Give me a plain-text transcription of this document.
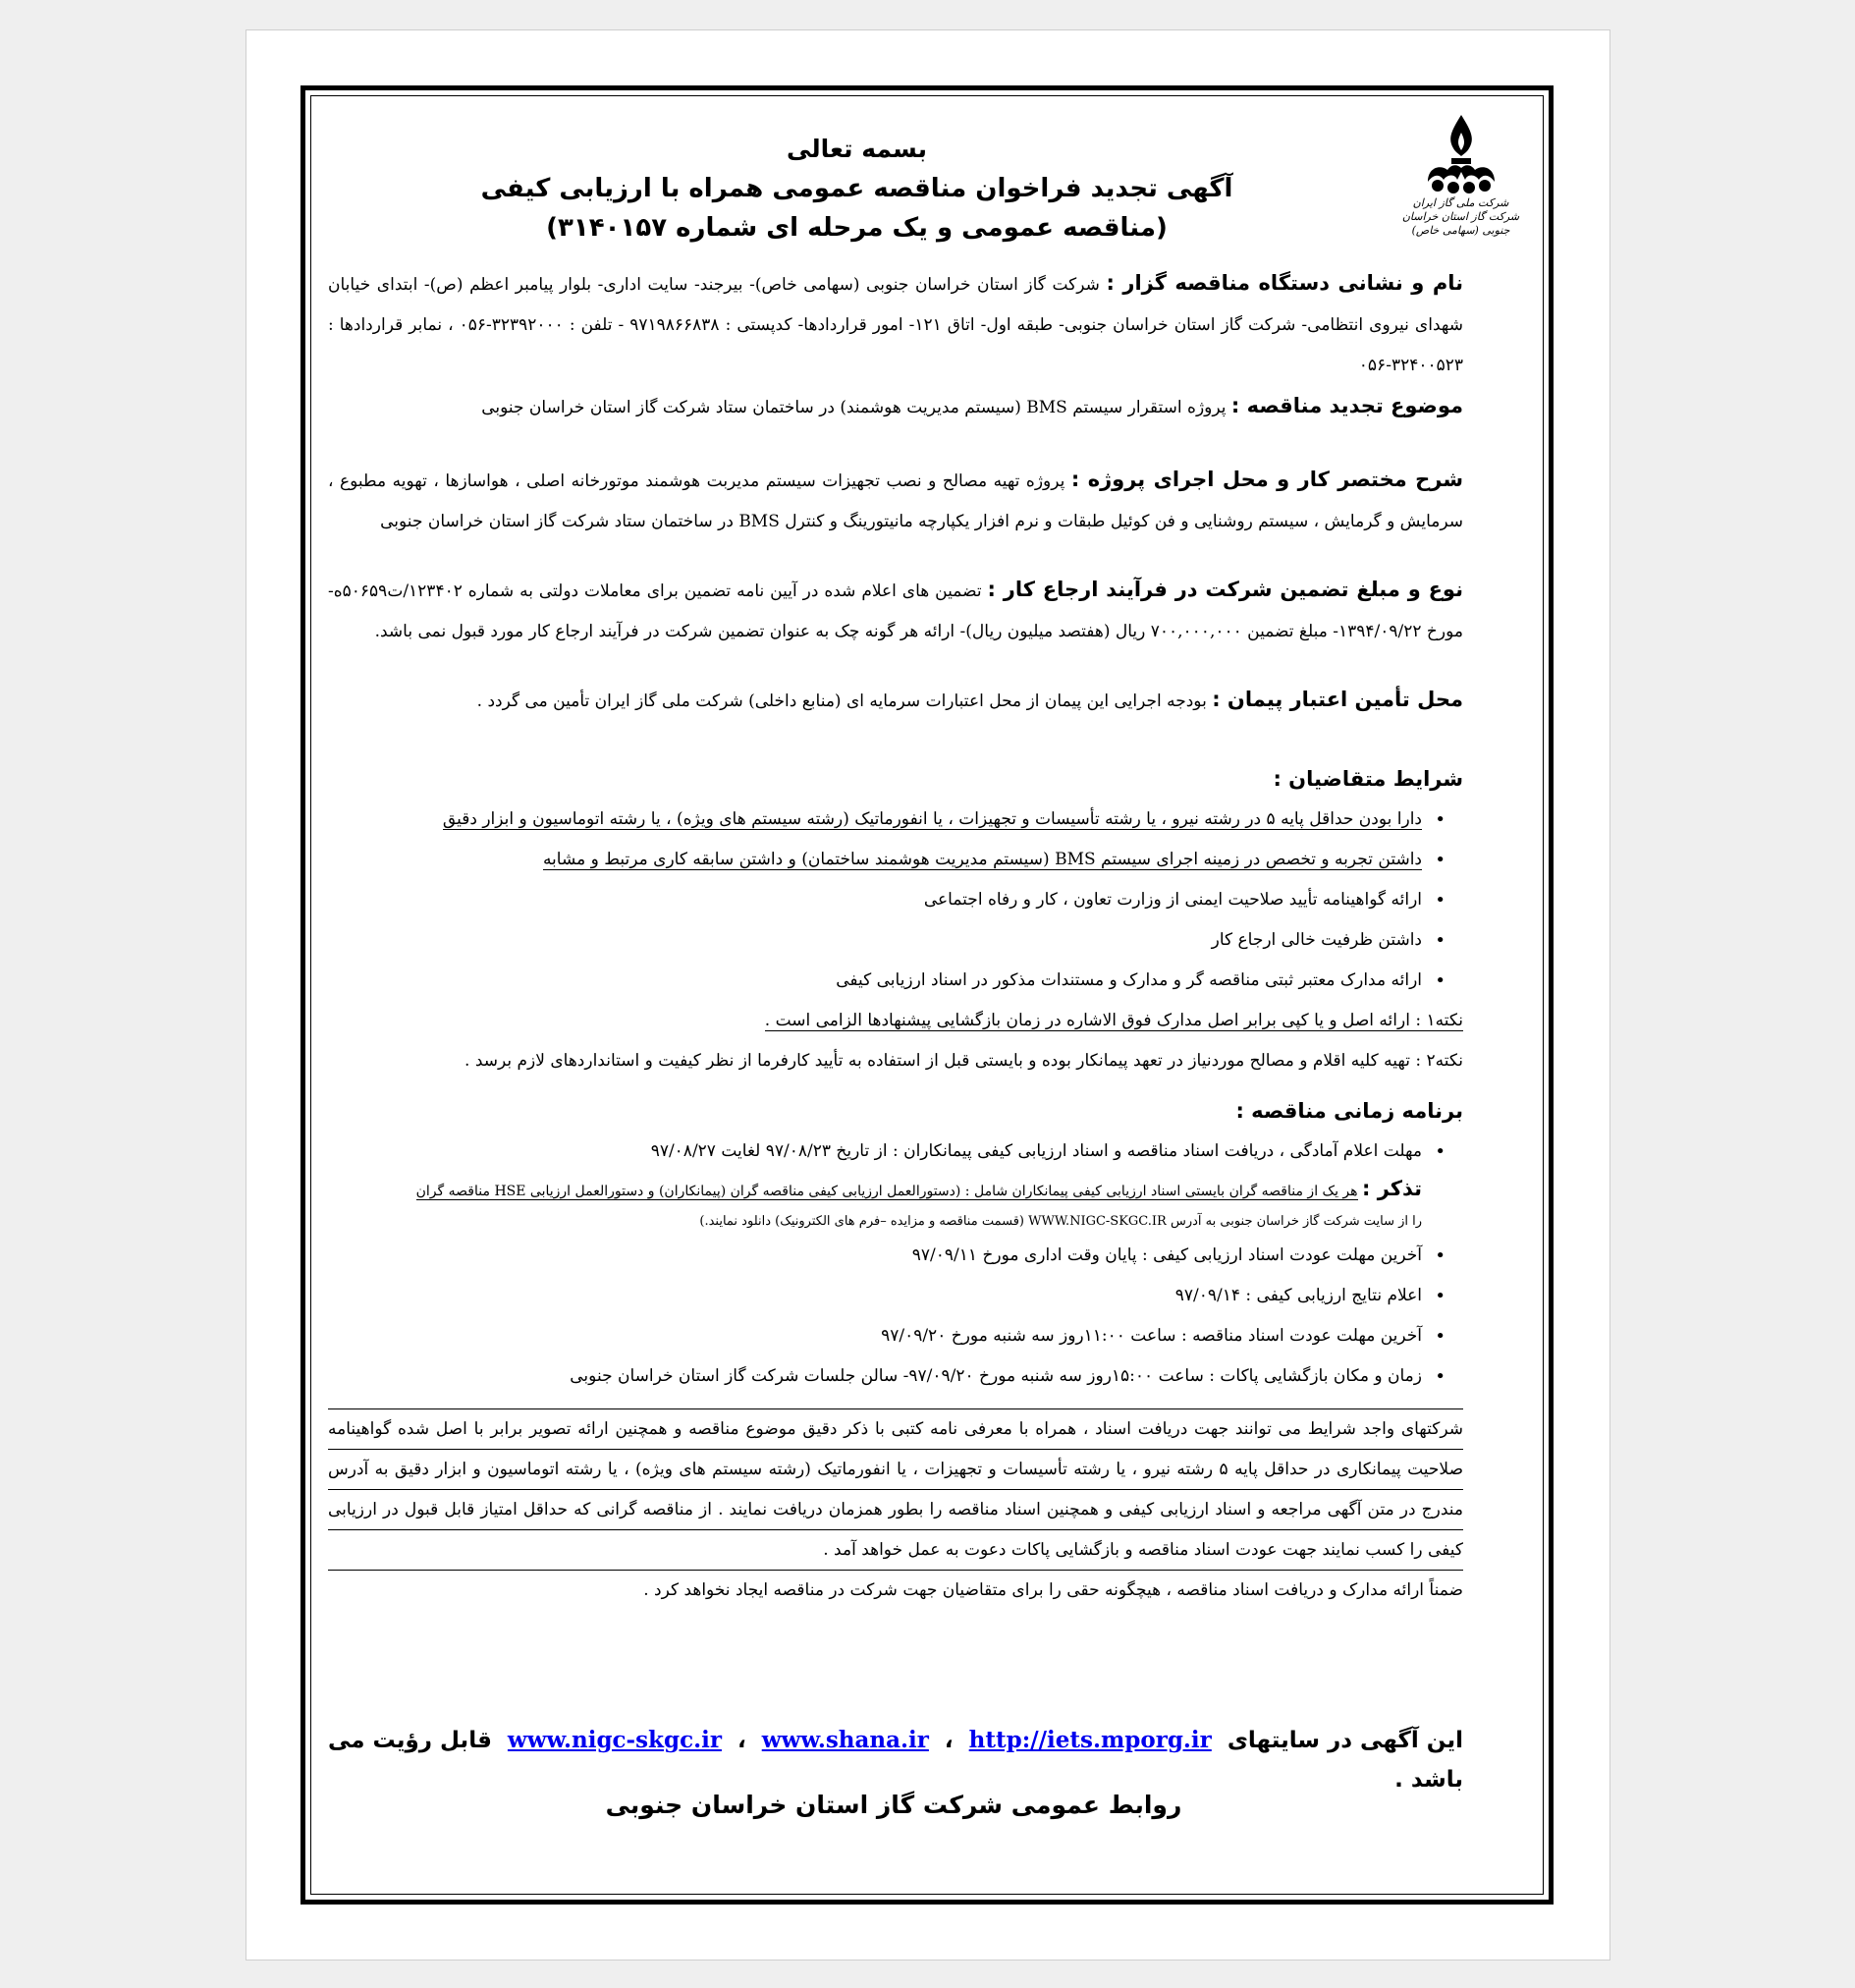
شرکت ملی گاز ایران
شرکت گاز استان خراسان جنوبی (سهامی خاص)
بسمه تعالی
آگهی تجدید فراخوان مناقصه عمومی همراه با ارزیابی کیفی
(مناقصه عمومی و یک مرحله ای شماره ۳۱۴۰۱۵۷)

نام و نشانی دستگاه مناقصه گزار : شرکت گاز استان خراسان جنوبی (سهامی خاص)- بیرجند- سایت اداری- بلوار پیامبر اعظم (ص)- ابتدای خیابان شهدای نیروی انتظامی- شرکت گاز استان خراسان جنوبی- طبقه اول- اتاق ۱۲۱- امور قراردادها- کدپستی : ۹۷۱۹۸۶۶۸۳۸ - تلفن : ۳۲۳۹۲۰۰۰-۰۵۶ ، نمابر قراردادها : ۳۲۴۰۰۵۲۳-۰۵۶

موضوع تجدید مناقصه : پروژه استقرار سیستم BMS (سیستم مدیریت هوشمند) در ساختمان ستاد شرکت گاز استان خراسان جنوبی

شرح مختصر کار و محل اجرای پروژه : پروژه تهیه مصالح و نصب تجهیزات سیستم مدیربت هوشمند موتورخانه اصلی ، هواسازها ، تهویه مطبوع ، سرمایش و گرمایش ، سیستم روشنایی و فن کوئیل طبقات و نرم افزار یکپارچه مانیتورینگ و کنترل BMS در ساختمان ستاد شرکت گاز استان خراسان جنوبی

نوع و مبلغ تضمین شرکت در فرآیند ارجاع کار : تضمین های اعلام شده در آیین نامه تضمین برای معاملات دولتی به شماره ۱۲۳۴۰۲/ت۵۰۶۵۹ه- مورخ ۱۳۹۴/۰۹/۲۲- مبلغ تضمین ۷۰۰,۰۰۰,۰۰۰ ریال (هفتصد میلیون ریال)- ارائه هر گونه چک به عنوان تضمین شرکت در فرآیند ارجاع کار مورد قبول نمی باشد.

محل تأمین اعتبار پیمان : بودجه اجرایی این پیمان از محل اعتبارات سرمایه ای (منابع داخلی) شرکت ملی گاز ایران تأمین می گردد .

شرایط متقاضیان :
• دارا بودن حداقل پایه ۵ در رشته نیرو ، یا رشته تأسیسات و تجهیزات ، یا انفورماتیک (رشته سیستم های ویژه) ، یا رشته اتوماسیون و ابزار دقیق
• داشتن تجربه و تخصص در زمینه اجرای سیستم BMS (سیستم مدیریت هوشمند ساختمان) و داشتن سابقه کاری مرتبط و مشابه
• ارائه گواهینامه تأیید صلاحیت ایمنی از وزارت تعاون ، کار و رفاه اجتماعی
• داشتن ظرفیت خالی ارجاع کار
• ارائه مدارک معتبر ثبتی مناقصه گر و مدارک و مستندات مذکور در اسناد ارزیابی کیفی

نکته۱ : ارائه اصل و یا کپی برابر اصل مدارک فوق الاشاره در زمان بازگشایی پیشنهادها الزامی است .

نکته۲ : تهیه کلیه اقلام و مصالح موردنیاز در تعهد پیمانکار بوده و بایستی قبل از استفاده به تأیید کارفرما از نظر کیفیت و استانداردهای لازم برسد .

برنامه زمانی مناقصه :
• مهلت اعلام آمادگی ، دریافت اسناد مناقصه و اسناد ارزیابی کیفی پیمانکاران : از تاریخ ۹۷/۰۸/۲۳ لغایت ۹۷/۰۸/۲۷
تذکر : هر یک از مناقصه گران بایستی اسناد ارزیابی کیفی پیمانکاران شامل : (دستورالعمل ارزیابی کیفی مناقصه گران (پیمانکاران) و دستورالعمل ارزیابی HSE مناقصه گران
را از سایت شرکت گاز خراسان جنوبی به آدرس WWW.NIGC-SKGC.IR (قسمت مناقصه و مزایده –فرم های الکترونیک) دانلود نمایند.)
• آخرین مهلت عودت اسناد ارزیابی کیفی : پایان وقت اداری مورخ ۹۷/۰۹/۱۱
• اعلام نتایج ارزیابی کیفی : ۹۷/۰۹/۱۴
• آخرین مهلت عودت اسناد مناقصه : ساعت ۱۱:۰۰روز سه شنبه مورخ ۹۷/۰۹/۲۰
• زمان و مکان بازگشایی پاکات : ساعت ۱۵:۰۰روز سه شنبه مورخ ۹۷/۰۹/۲۰- سالن جلسات شرکت گاز استان خراسان جنوبی

شرکتهای واجد شرایط می توانند جهت دریافت اسناد ، همراه با معرفی نامه کتبی با ذکر دقیق موضوع مناقصه و همچنین ارائه تصویر برابر با اصل شده گواهینامه صلاحیت پیمانکاری در حداقل پایه ۵ رشته نیرو ، یا رشته تأسیسات و تجهیزات ، یا انفورماتیک (رشته سیستم های ویژه) ، یا رشته اتوماسیون و ابزار دقیق به آدرس مندرج در متن آگهی مراجعه و اسناد ارزیابی کیفی و همچنین اسناد مناقصه را بطور همزمان دریافت نمایند . از مناقصه گرانی که حداقل امتیاز قابل قبول در ارزیابی کیفی را کسب نمایند جهت عودت اسناد مناقصه و بازگشایی پاکات دعوت به عمل خواهد آمد .

ضمناً ارائه مدارک و دریافت اسناد مناقصه ، هیچگونه حقی را برای متقاضیان جهت شرکت در مناقصه ایجاد نخواهد کرد .

این آگهی در سایتهای  www.nigc-skgc.ir ، www.shana.ir ، http://iets.mporg.ir  قابل رؤیت می باشد .
روابط عمومی شرکت گاز استان خراسان جنوبی
